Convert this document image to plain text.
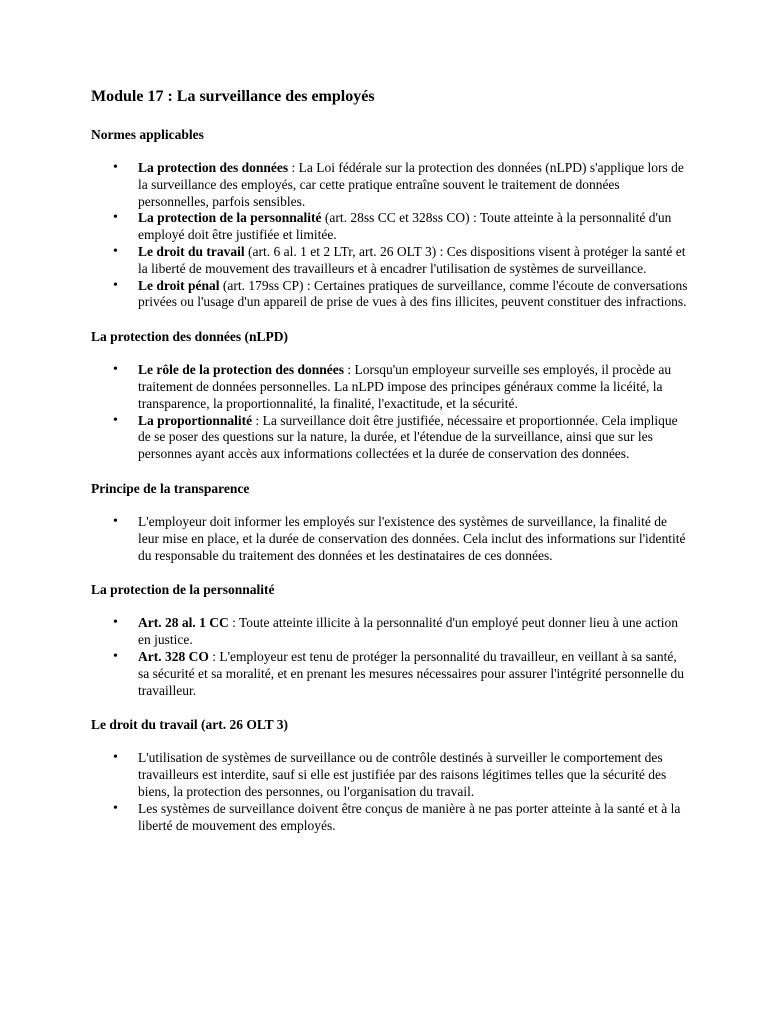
Module 17 : La surveillance des employés
Normes applicables
• La protection des données : La Loi fédérale sur la protection des données (nLPD) s'applique lors de la surveillance des employés, car cette pratique entraîne souvent le traitement de données personnelles, parfois sensibles.
• La protection de la personnalité (art. 28ss CC et 328ss CO) : Toute atteinte à la personnalité d'un employé doit être justifiée et limitée.
• Le droit du travail (art. 6 al. 1 et 2 LTr, art. 26 OLT 3) : Ces dispositions visent à protéger la santé et la liberté de mouvement des travailleurs et à encadrer l'utilisation de systèmes de surveillance.
• Le droit pénal (art. 179ss CP) : Certaines pratiques de surveillance, comme l'écoute de conversations privées ou l'usage d'un appareil de prise de vues à des fins illicites, peuvent constituer des infractions.
La protection des données (nLPD)
• Le rôle de la protection des données : Lorsqu'un employeur surveille ses employés, il procède au traitement de données personnelles. La nLPD impose des principes généraux comme la licéité, la transparence, la proportionnalité, la finalité, l'exactitude, et la sécurité.
• La proportionnalité : La surveillance doit être justifiée, nécessaire et proportionnée. Cela implique de se poser des questions sur la nature, la durée, et l'étendue de la surveillance, ainsi que sur les personnes ayant accès aux informations collectées et la durée de conservation des données.
Principe de la transparence
• L'employeur doit informer les employés sur l'existence des systèmes de surveillance, la finalité de leur mise en place, et la durée de conservation des données. Cela inclut des informations sur l'identité du responsable du traitement des données et les destinataires de ces données.
La protection de la personnalité
• Art. 28 al. 1 CC : Toute atteinte illicite à la personnalité d'un employé peut donner lieu à une action en justice.
• Art. 328 CO : L'employeur est tenu de protéger la personnalité du travailleur, en veillant à sa santé, sa sécurité et sa moralité, et en prenant les mesures nécessaires pour assurer l'intégrité personnelle du travailleur.
Le droit du travail (art. 26 OLT 3)
• L'utilisation de systèmes de surveillance ou de contrôle destinés à surveiller le comportement des travailleurs est interdite, sauf si elle est justifiée par des raisons légitimes telles que la sécurité des biens, la protection des personnes, ou l'organisation du travail.
• Les systèmes de surveillance doivent être conçus de manière à ne pas porter atteinte à la santé et à la liberté de mouvement des employés.
